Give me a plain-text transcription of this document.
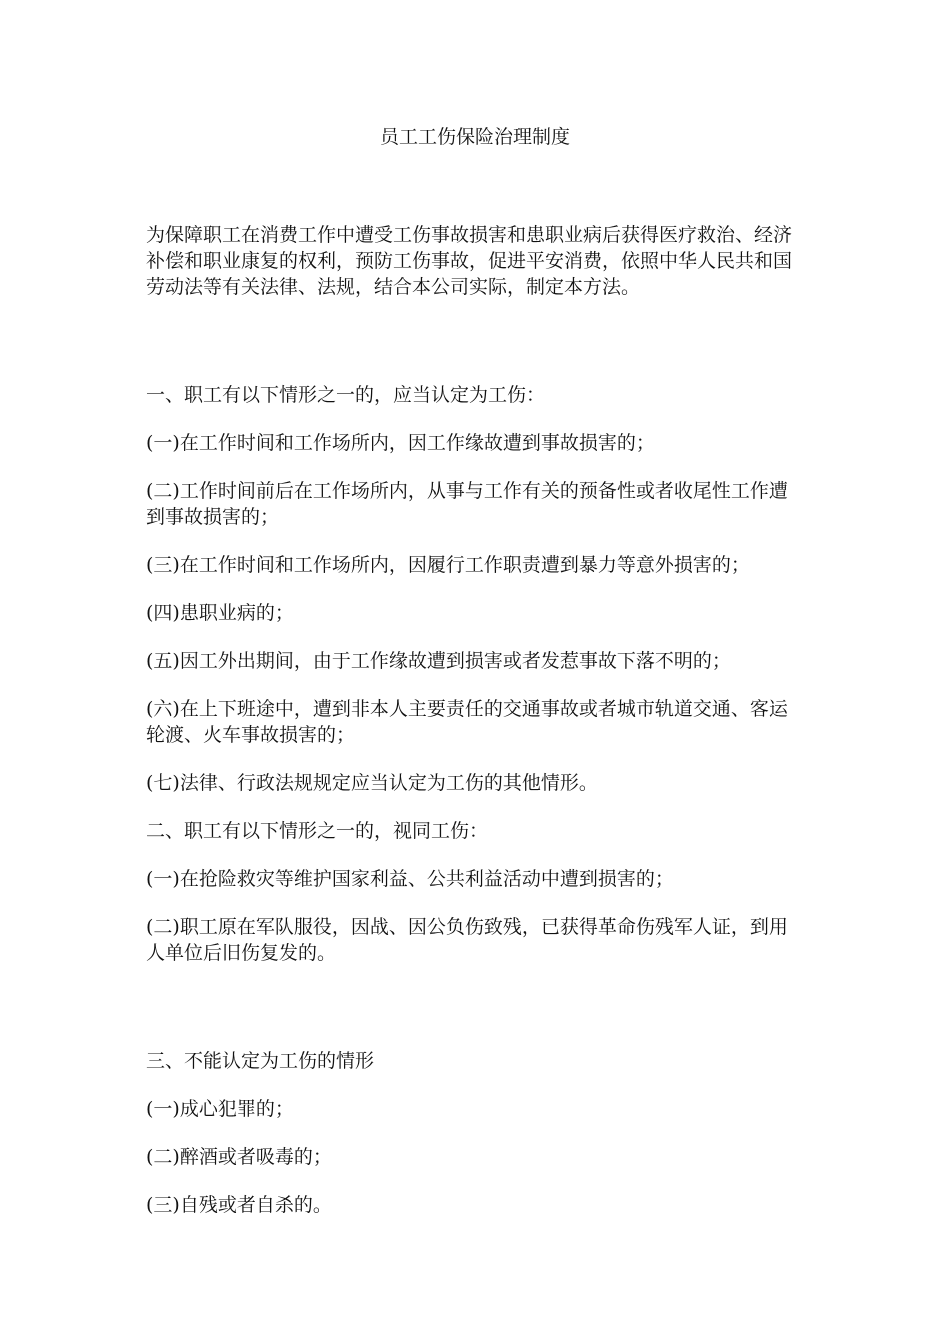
员工工伤保险治理制度

为保障职工在消费工作中遭受工伤事故损害和患职业病后获得医疗救治、经济补偿和职业康复的权利，预防工伤事故，促进平安消费，依照中华人民共和国劳动法等有关法律、法规，结合本公司实际，制定本方法。

一、职工有以下情形之一的，应当认定为工伤：

(一)在工作时间和工作场所内，因工作缘故遭到事故损害的；

(二)工作时间前后在工作场所内，从事与工作有关的预备性或者收尾性工作遭到事故损害的；

(三)在工作时间和工作场所内，因履行工作职责遭到暴力等意外损害的；

(四)患职业病的；

(五)因工外出期间，由于工作缘故遭到损害或者发惹事故下落不明的；

(六)在上下班途中，遭到非本人主要责任的交通事故或者城市轨道交通、客运轮渡、火车事故损害的；

(七)法律、行政法规规定应当认定为工伤的其他情形。

二、职工有以下情形之一的，视同工伤：

(一)在抢险救灾等维护国家利益、公共利益活动中遭到损害的；

(二)职工原在军队服役，因战、因公负伤致残，已获得革命伤残军人证，到用人单位后旧伤复发的。

三、不能认定为工伤的情形

(一)成心犯罪的；

(二)醉酒或者吸毒的；

(三)自残或者自杀的。
